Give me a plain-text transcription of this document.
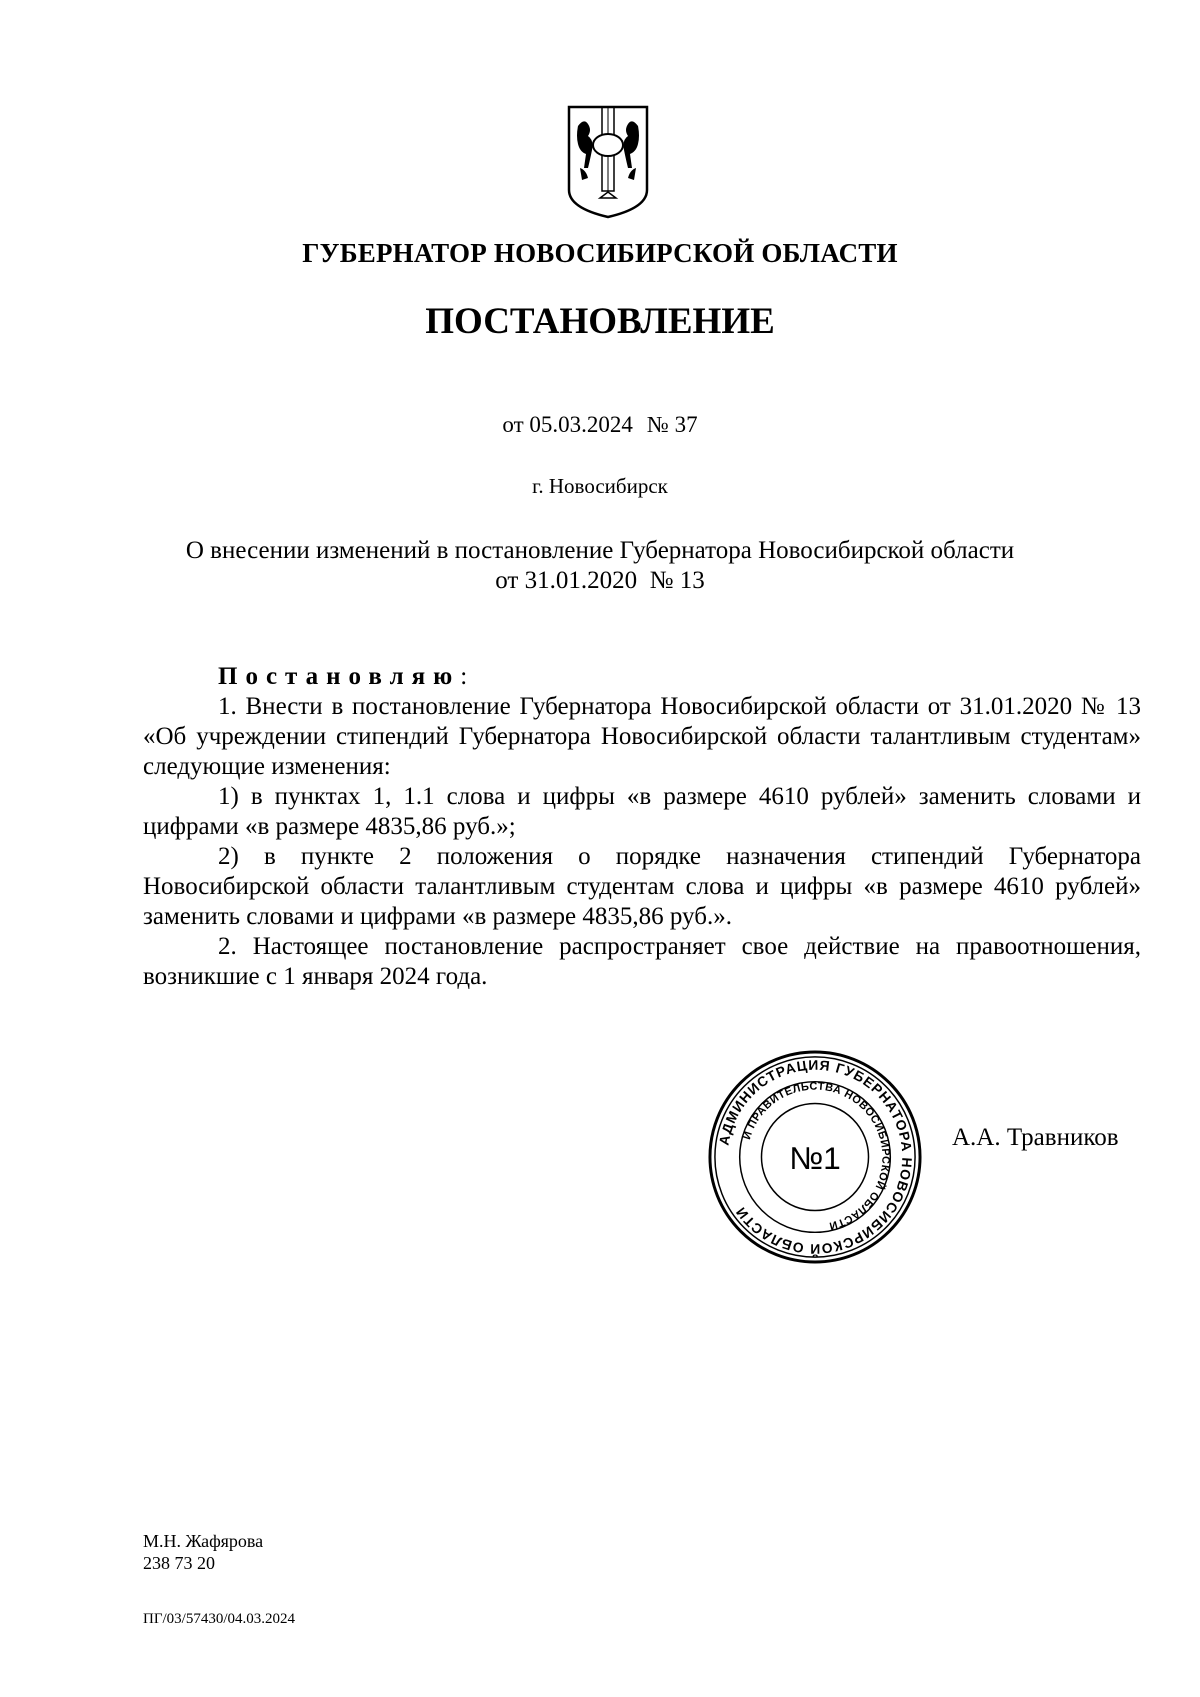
ГУБЕРНАТОР НОВОСИБИРСКОЙ ОБЛАСТИ
ПОСТАНОВЛЕНИЕ
от 05.03.2024 № 37
г. Новосибирск
О внесении изменений в постановление Губернатора Новосибирской области
от 31.01.2020  № 13

Постановляю:

1. Внести в постановление Губернатора Новосибирской области от 31.01.2020 № 13 «Об учреждении стипендий Губернатора Новосибирской области талантливым студентам» следующие изменения:

1) в пунктах 1, 1.1 слова и цифры «в размере 4610 рублей» заменить словами и цифрами «в размере 4835,86 руб.»;

2) в пункте 2 положения о порядке назначения стипендий Губернатора Новосибирской области талантливым студентам слова и цифры «в размере 4610 рублей» заменить словами и цифрами «в размере 4835,86 руб.».

2. Настоящее постановление распространяет свое действие на правоотношения, возникшие с 1 января 2024 года.

АДМИНИСТРАЦИЯ ГУБЕРНАТОРА НОВОСИБИРСКОЙ ОБЛАСТИ
И ПРАВИТЕЛЬСТВА НОВОСИБИРСКОЙ ОБЛАСТИ
№1
А.А. Травников
М.Н. Жафярова
238 73 20
ПГ/03/57430/04.03.2024
